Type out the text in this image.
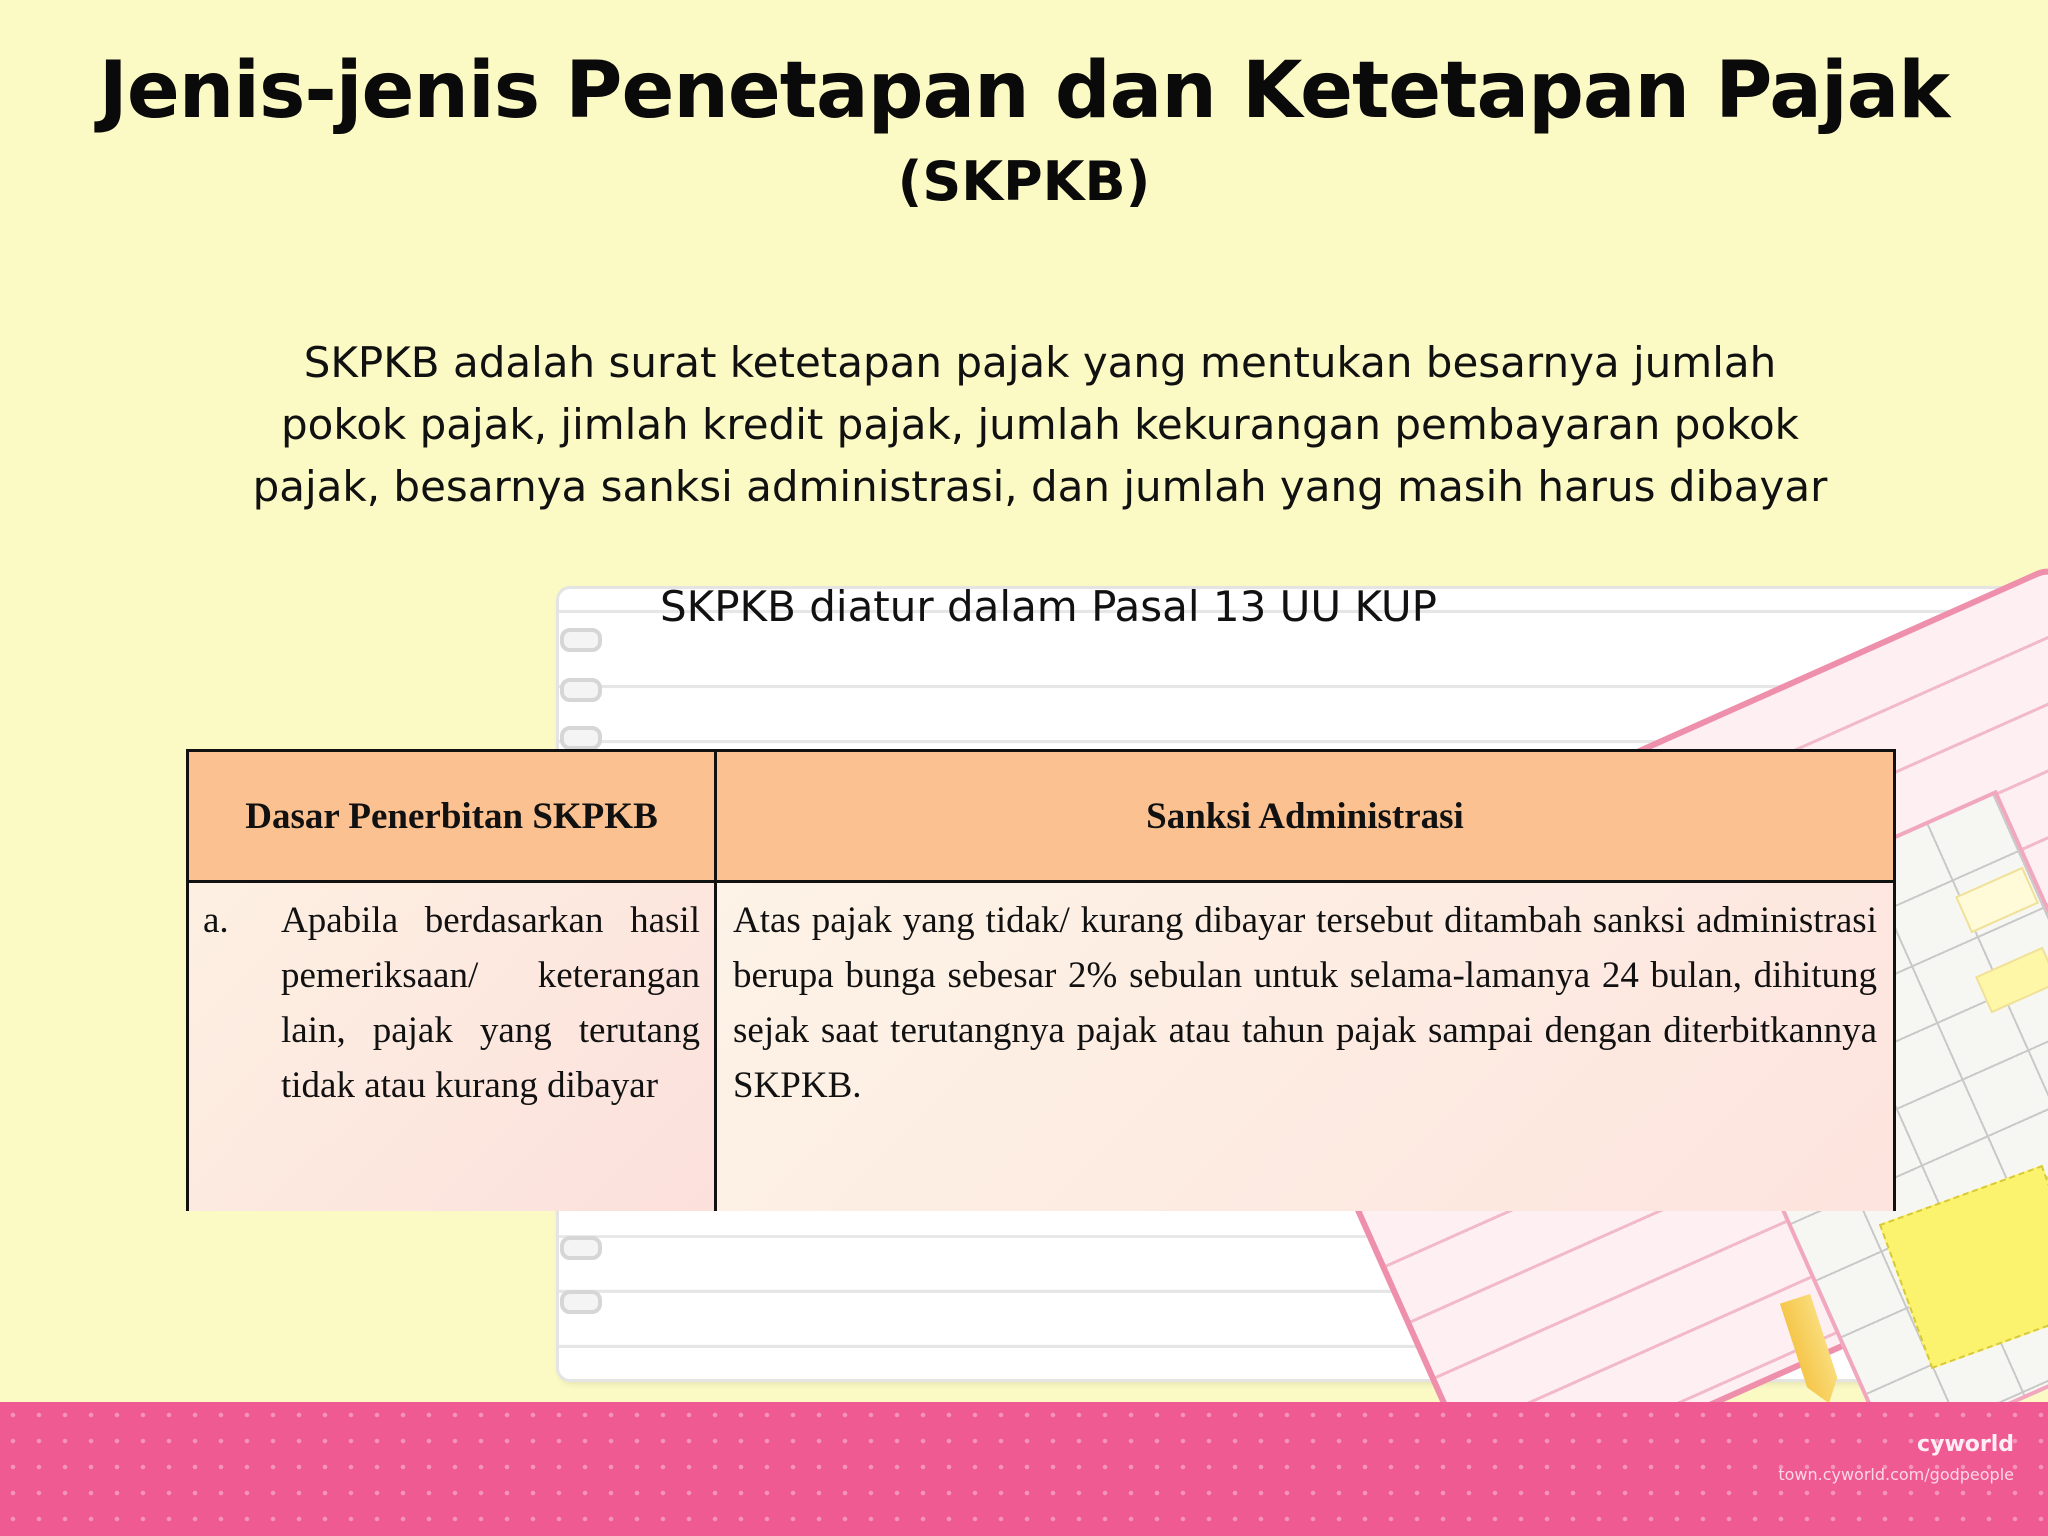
cyworld
town.cyworld.com/godpeople
Jenis-jenis Penetapan dan Ketetapan Pajak
(SKPKB)
SKPKB adalah surat ketetapan pajak yang mentukan besarnya jumlah pokok pajak, jimlah kredit pajak, jumlah kekurangan pembayaran pokok pajak, besarnya sanksi administrasi, dan jumlah yang masih harus dibayar
SKPKB diatur dalam Pasal 13 UU KUP
Dasar Penerbitan SKPKB	Sanksi Administrasi
a.	Apabila berdasarkan hasil pemeriksaan/ keterangan lain, pajak yang terutang tidak atau kurang dibayar
Atas pajak yang tidak/ kurang dibayar tersebut ditambah sanksi administrasi berupa bunga sebesar 2% sebulan untuk selama-lamanya 24 bulan, dihitung sejak saat terutangnya pajak atau tahun pajak sampai dengan diterbitkannya SKPKB.
